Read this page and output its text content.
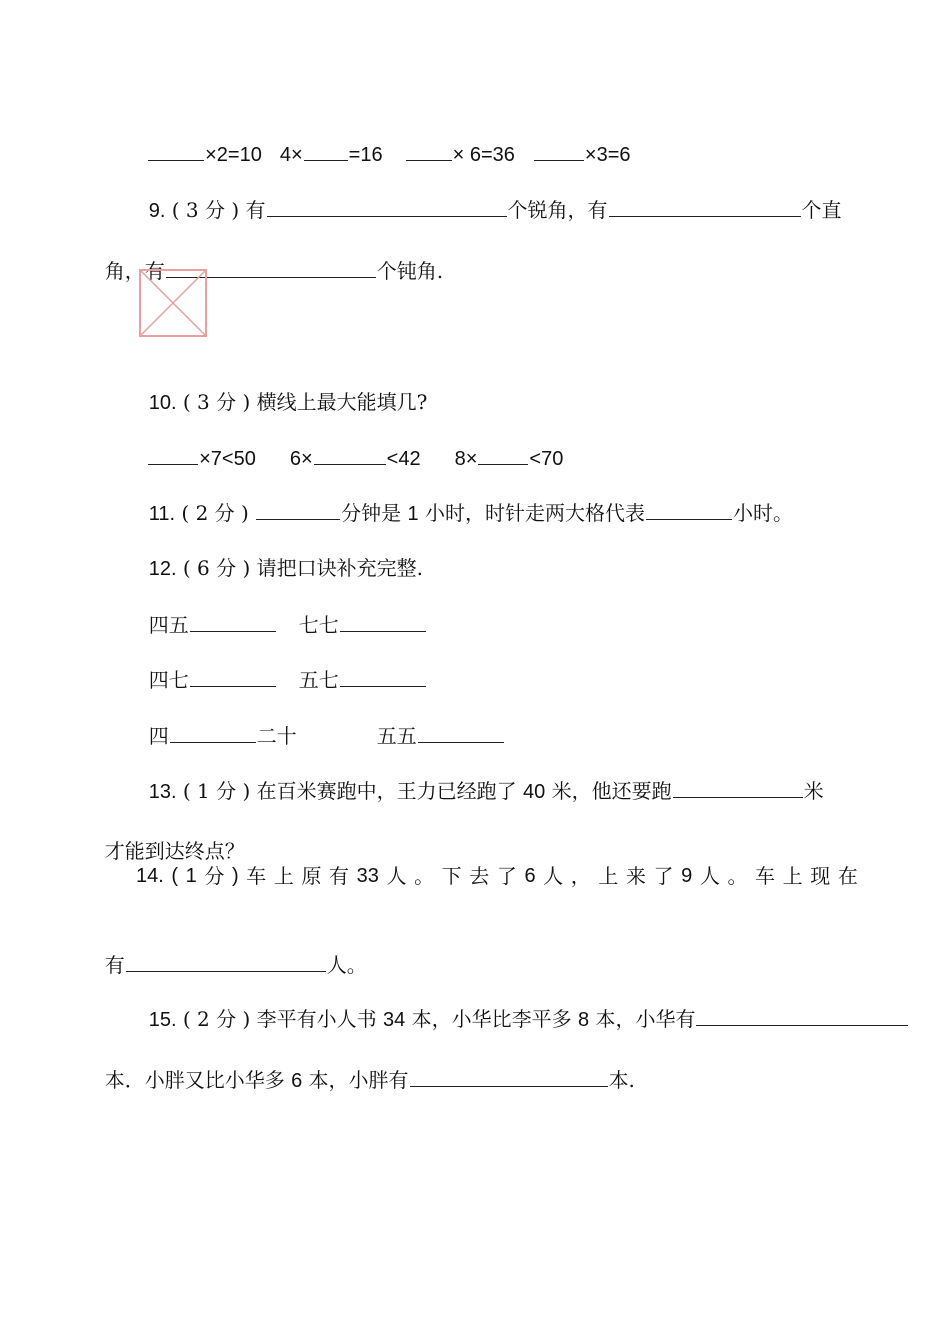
×2=10 4× =16	× 6=36	×3=6

9. ( 3 分 ) 有	个锐角，有	个直

角，有	个钝角.

10. ( 3 分 ) 横线上最大能填几?

×7<50 6×	<42 8×	<70

11. ( 2 分 )	分钟是 1 小时，时针走两大格代表	小时。

12. ( 6 分 ) 请把口诀补充完整.

四五	七七

四七	五七

四	二十	五五

13. ( 1 分 ) 在百米赛跑中，王力已经跑了 40 米，他还要跑	米

才能到达终点？

14. ( 1 分 ) 车 上 原 有 33 人 。 下 去 了 6 人 ， 上 来 了 9 人 。 车 上 现 在

有	人。

15. ( 2 分 ) 李平有小人书 34 本，小华比李平多 8 本，小华有

本．小胖又比小华多 6 本，小胖有	本.
